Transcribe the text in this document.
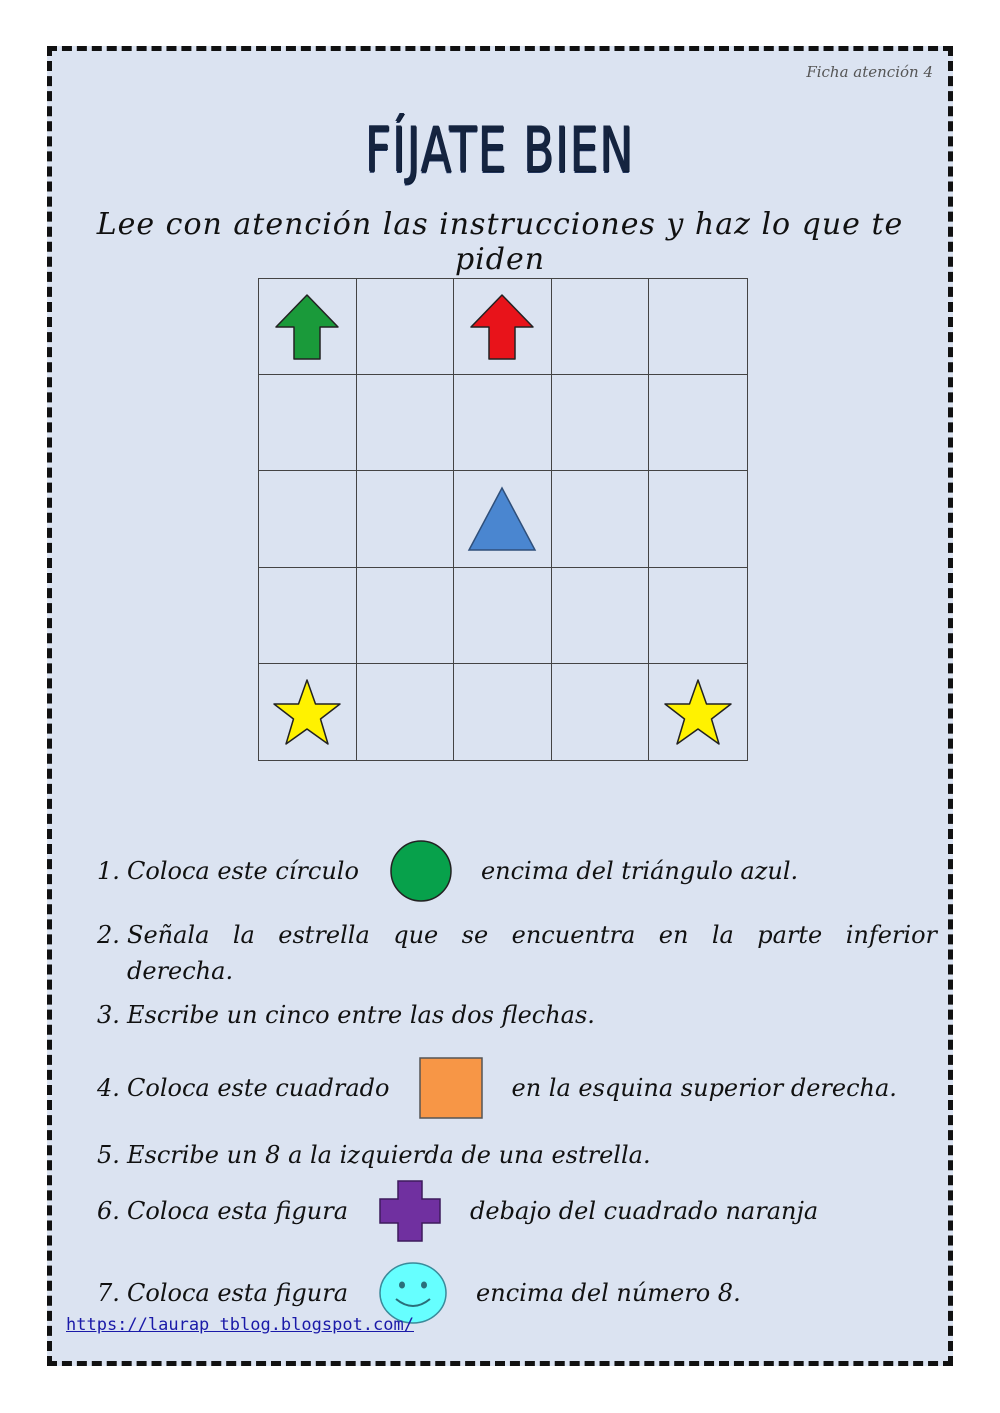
Ficha atención 4
FÍJATE BIEN
Lee con atención las instrucciones y haz lo que te piden
1. Coloca este círculo	encima del triángulo azul.
2. Señala la estrella que se encuentra en la parte inferior
derecha.
3. Escribe un cinco entre las dos flechas.
4. Coloca este cuadrado	en la esquina superior derecha.
5. Escribe un 8 a la izquierda de una estrella.
6. Coloca esta figura	debajo del cuadrado naranja
7. Coloca esta figura	encima del número 8.
https://laurap tblog.blogspot.com/
